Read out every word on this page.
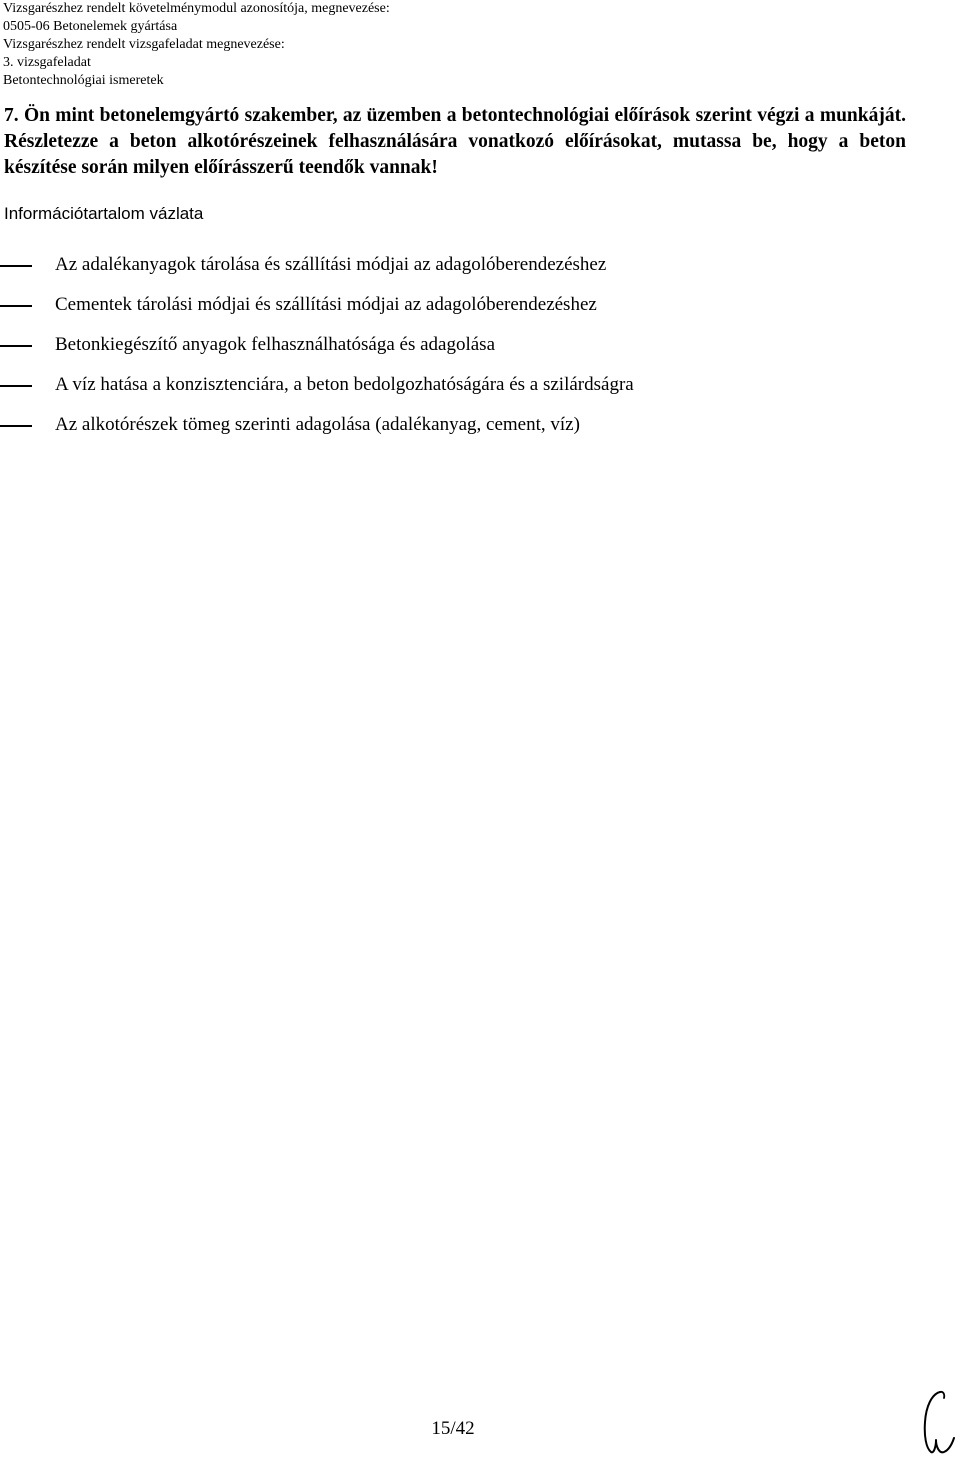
Vizsgarészhez rendelt követelménymodul azonosítója, megnevezése:
0505-06 Betonelemek gyártása
Vizsgarészhez rendelt vizsgafeladat megnevezése:
3. vizsgafeladat
Betontechnológiai ismeretek
7. Ön mint betonelemgyártó szakember, az üzemben a betontechnológiai előírások szerint végzi a munkáját. Részletezze a beton alkotórészeinek felhasználására vonatkozó előírásokat, mutassa be, hogy a beton készítése során milyen előírásszerű teendők vannak!
Információtartalom vázlata
Az adalékanyagok tárolása és szállítási módjai az adagolóberendezéshez
Cementek tárolási módjai és szállítási módjai az adagolóberendezéshez
Betonkiegészítő anyagok felhasználhatósága és adagolása
A víz hatása a konzisztenciára, a beton bedolgozhatóságára és a szilárdságra
Az alkotórészek tömeg szerinti adagolása (adalékanyag, cement, víz)
15/42
